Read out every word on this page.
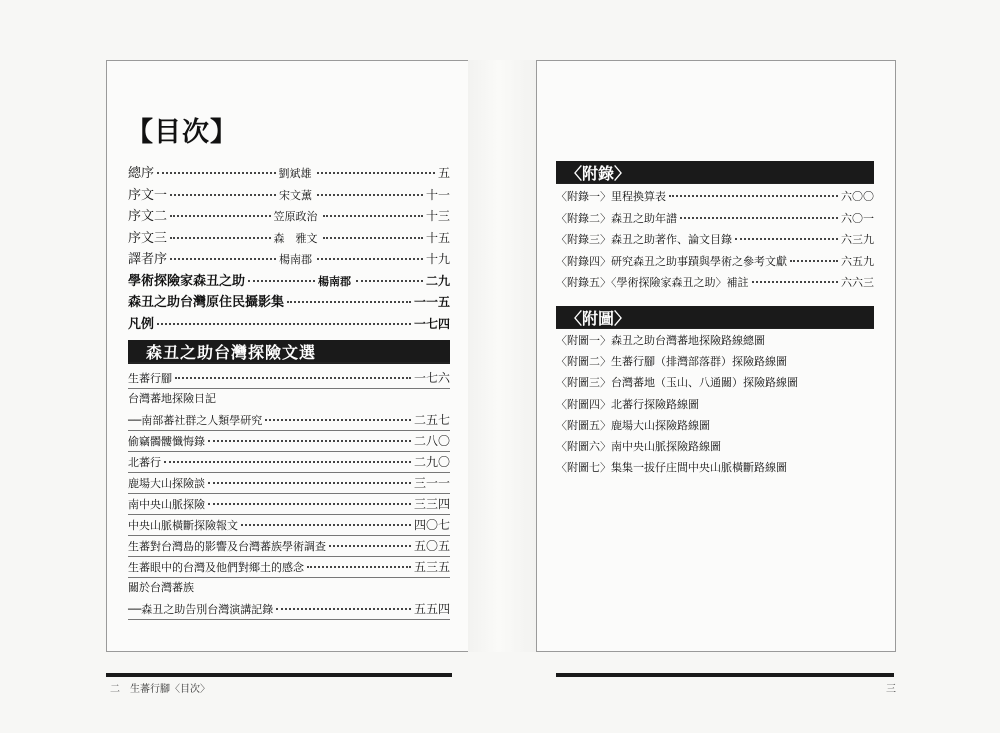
【目次】
總序	劉斌雄	五
序文一	宋文薰	十一
序文二	笠原政治	十三
序文三	森　雅文	十五
譯者序	楊南郡	十九
學術探險家森丑之助	楊南郡	二九
森丑之助台灣原住民攝影集	一一五
凡例	一七四
森丑之助台灣探險文選
生蕃行腳	一七六
台灣蕃地探險日記
──南部蕃社群之人類學研究	二五七
偷竊髑髏懺悔錄	二八〇
北蕃行	二九〇
鹿場大山探險談	三一一
南中央山脈探險	三三四
中央山脈橫斷探險報文	四〇七
生蕃對台灣島的影響及台灣蕃族學術調查	五〇五
生蕃眼中的台灣及他們對鄉土的感念	五三五
關於台灣蕃族
──森丑之助告別台灣演講記錄	五五四
〈附錄〉
〈附錄一〉里程換算表	六〇〇
〈附錄二〉森丑之助年譜	六〇一
〈附錄三〉森丑之助著作、論文目錄	六三九
〈附錄四〉研究森丑之助事蹟與學術之參考文獻	六五九
〈附錄五〉〈學術探險家森丑之助〉補註	六六三
〈附圖〉
〈附圖一〉森丑之助台灣蕃地探險路線總圖
〈附圖二〉生蕃行腳（排灣部落群）探險路線圖
〈附圖三〉台灣蕃地（玉山、八通關）探險路線圖
〈附圖四〉北蕃行探險路線圖
〈附圖五〉鹿場大山探險路線圖
〈附圖六〉南中央山脈探險路線圖
〈附圖七〉集集一拔仔庄間中央山脈橫斷路線圖
二　生蕃行腳〈目次〉	三
